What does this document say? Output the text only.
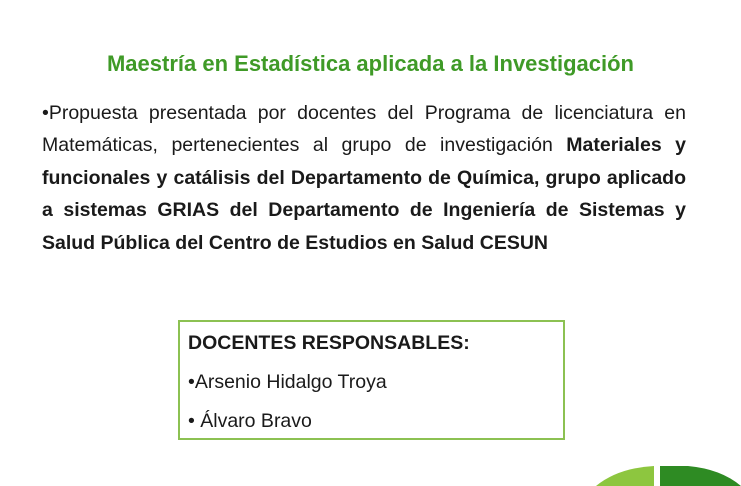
Maestría en Estadística aplicada a la Investigación

•Propuesta presentada por docentes del Programa de licenciatura en Matemáticas, pertenecientes al grupo de investigación Materiales y funcionales y catálisis del Departamento de Química, grupo aplicado a sistemas GRIAS del Departamento de Ingeniería de Sistemas y Salud Pública del Centro de Estudios en Salud CESUN

DOCENTES RESPONSABLES:
•Arsenio Hidalgo Troya
• Álvaro Bravo
